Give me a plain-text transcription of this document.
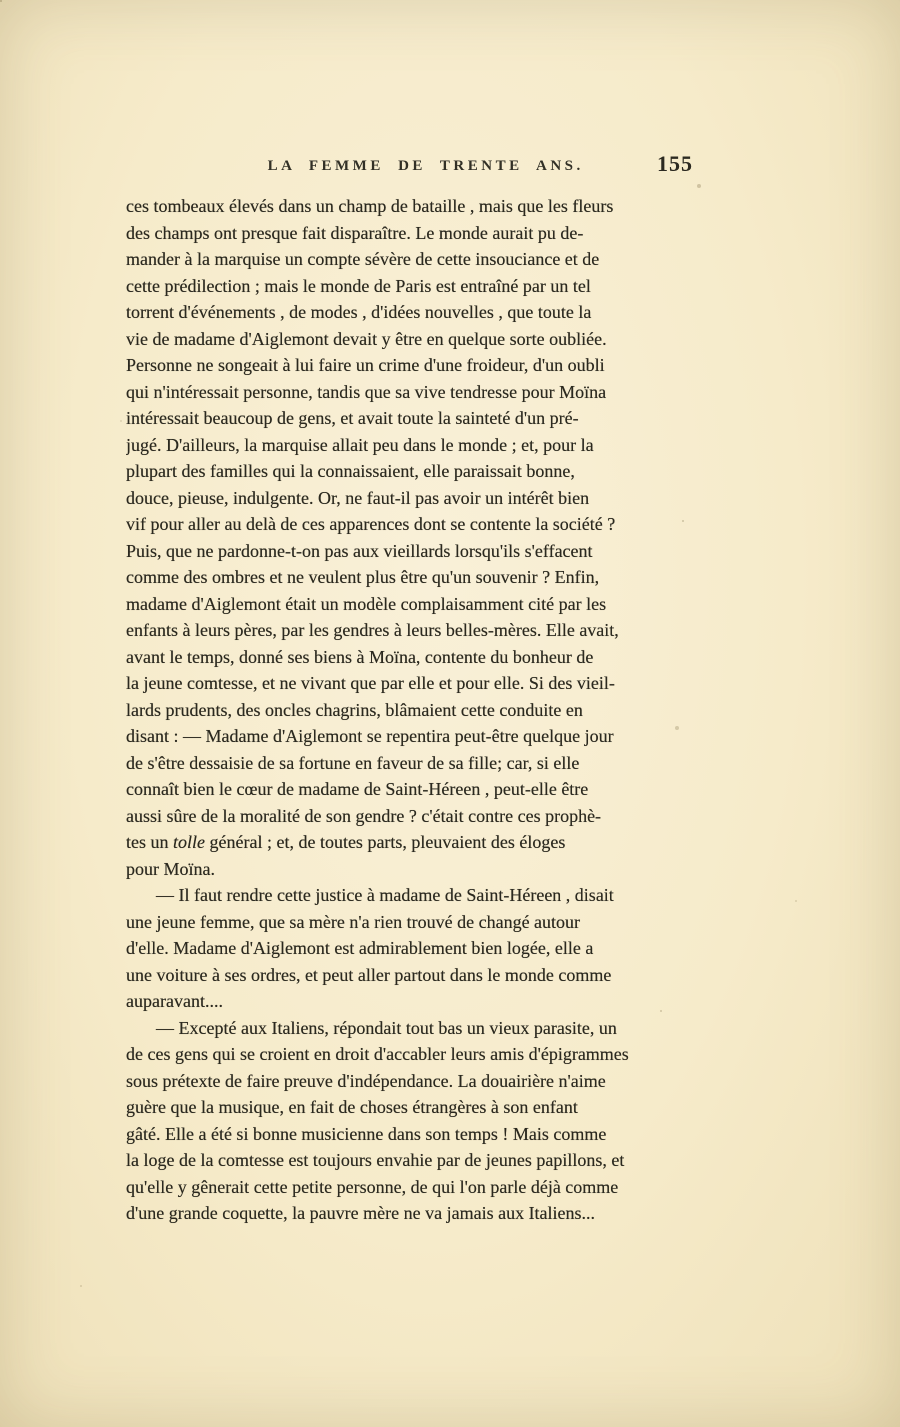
LA FEMME DE TRENTE ANS.	155
ces tombeaux élevés dans un champ de bataille , mais que les fleurs
des champs ont presque fait disparaître. Le monde aurait pu de-
mander à la marquise un compte sévère de cette insouciance et de
cette prédilection ; mais le monde de Paris est entraîné par un tel
torrent d'événements , de modes , d'idées nouvelles , que toute la
vie de madame d'Aiglemont devait y être en quelque sorte oubliée.
Personne ne songeait à lui faire un crime d'une froideur, d'un oubli
qui n'intéressait personne, tandis que sa vive tendresse pour Moïna
intéressait beaucoup de gens, et avait toute la sainteté d'un pré-
jugé. D'ailleurs, la marquise allait peu dans le monde ; et, pour la
plupart des familles qui la connaissaient, elle paraissait bonne,
douce, pieuse, indulgente. Or, ne faut-il pas avoir un intérêt bien
vif pour aller au delà de ces apparences dont se contente la société ?
Puis, que ne pardonne-t-on pas aux vieillards lorsqu'ils s'effacent
comme des ombres et ne veulent plus être qu'un souvenir ? Enfin,
madame d'Aiglemont était un modèle complaisamment cité par les
enfants à leurs pères, par les gendres à leurs belles-mères. Elle avait,
avant le temps, donné ses biens à Moïna, contente du bonheur de
la jeune comtesse, et ne vivant que par elle et pour elle. Si des vieil-
lards prudents, des oncles chagrins, blâmaient cette conduite en
disant : — Madame d'Aiglemont se repentira peut-être quelque jour
de s'être dessaisie de sa fortune en faveur de sa fille; car, si elle
connaît bien le cœur de madame de Saint-Héreen , peut-elle être
aussi sûre de la moralité de son gendre ? c'était contre ces prophè-
tes un tolle général ; et, de toutes parts, pleuvaient des éloges
pour Moïna.
— Il faut rendre cette justice à madame de Saint-Héreen , disait
une jeune femme, que sa mère n'a rien trouvé de changé autour
d'elle. Madame d'Aiglemont est admirablement bien logée, elle a
une voiture à ses ordres, et peut aller partout dans le monde comme
auparavant....
— Excepté aux Italiens, répondait tout bas un vieux parasite, un
de ces gens qui se croient en droit d'accabler leurs amis d'épigrammes
sous prétexte de faire preuve d'indépendance. La douairière n'aime
guère que la musique, en fait de choses étrangères à son enfant
gâté. Elle a été si bonne musicienne dans son temps ! Mais comme
la loge de la comtesse est toujours envahie par de jeunes papillons, et
qu'elle y gênerait cette petite personne, de qui l'on parle déjà comme
d'une grande coquette, la pauvre mère ne va jamais aux Italiens...
